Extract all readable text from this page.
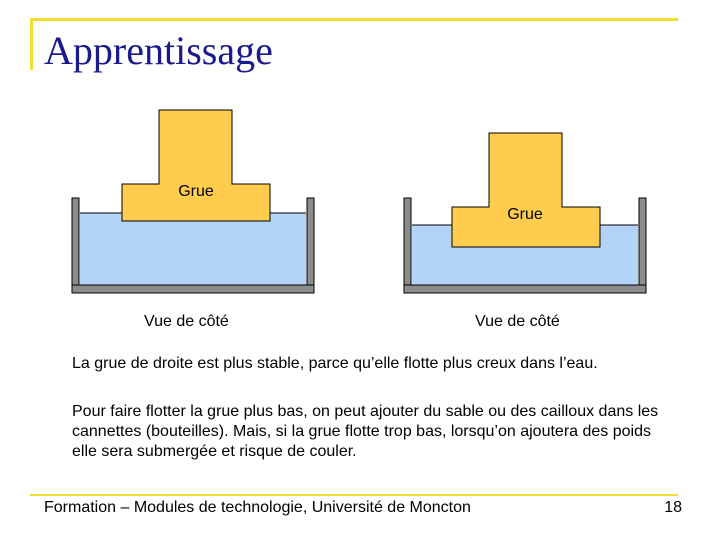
Apprentissage
Grue
Grue
Vue de côté	Vue de côté
La grue de droite est plus stable, parce qu’elle flotte plus creux dans l’eau.
Pour faire flotter la grue plus bas, on peut ajouter du sable ou des cailloux dans les cannettes (bouteilles). Mais, si la grue flotte trop bas, lorsqu’on ajoutera des poids elle sera submergée et risque de couler.
Formation – Modules de technologie, Université de Moncton	18
